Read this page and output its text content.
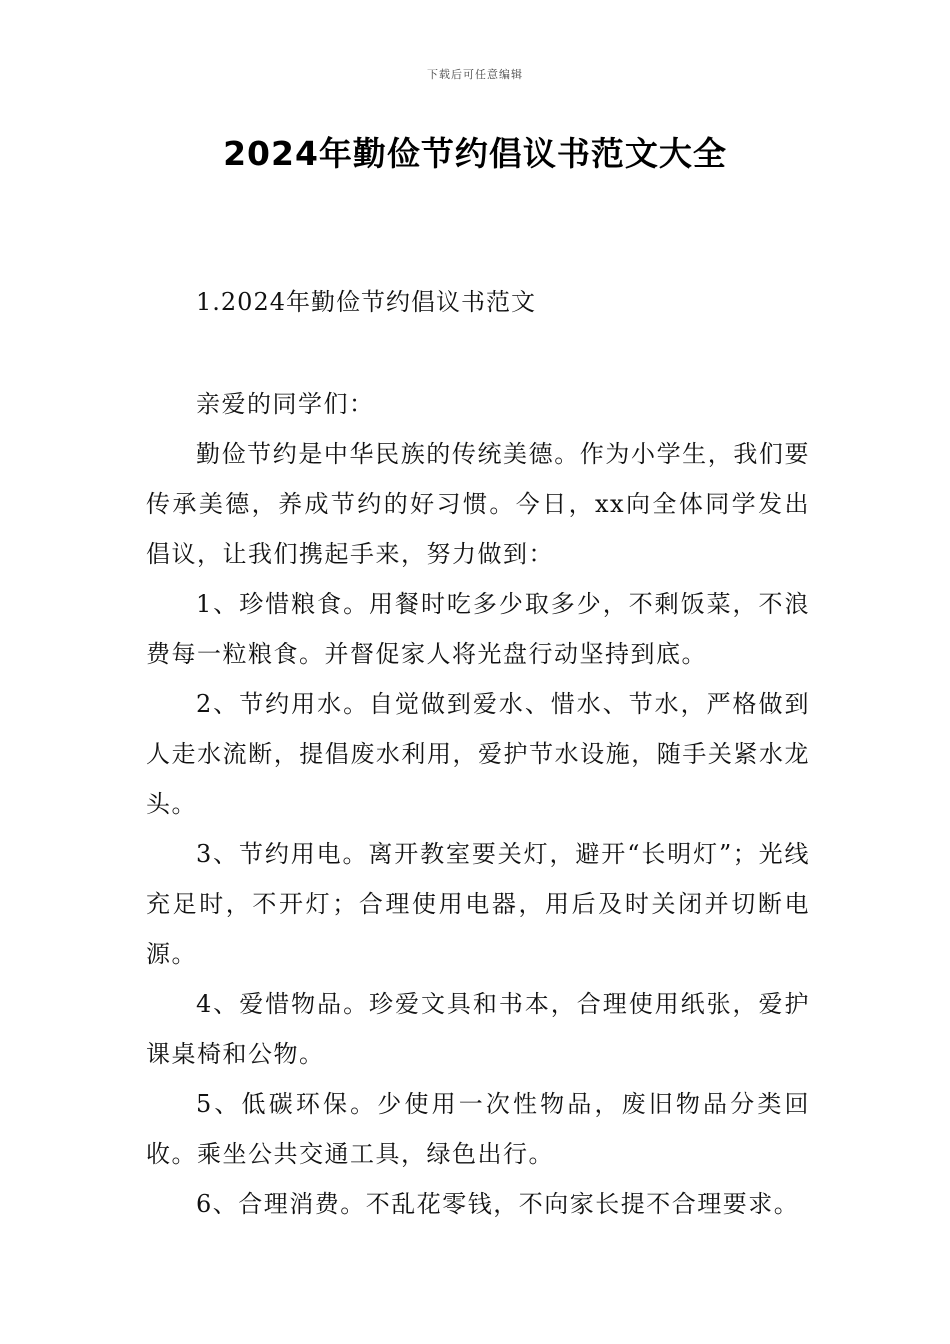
下载后可任意编辑
2024年勤俭节约倡议书范文大全
1.2024年勤俭节约倡议书范文

亲爱的同学们：

勤俭节约是中华民族的传统美德。作为小学生，我们要传承美德，养成节约的好习惯。今日，xx向全体同学发出倡议，让我们携起手来，努力做到：

1、珍惜粮食。用餐时吃多少取多少，不剩饭菜，不浪费每一粒粮食。并督促家人将光盘行动坚持到底。

2、节约用水。自觉做到爱水、惜水、节水，严格做到人走水流断，提倡废水利用，爱护节水设施，随手关紧水龙头。

3、节约用电。离开教室要关灯，避开“长明灯”；光线充足时，不开灯；合理使用电器，用后及时关闭并切断电源。

4、爱惜物品。珍爱文具和书本，合理使用纸张，爱护课桌椅和公物。

5、低碳环保。少使用一次性物品，废旧物品分类回收。乘坐公共交通工具，绿色出行。

6、合理消费。不乱花零钱，不向家长提不合理要求。
